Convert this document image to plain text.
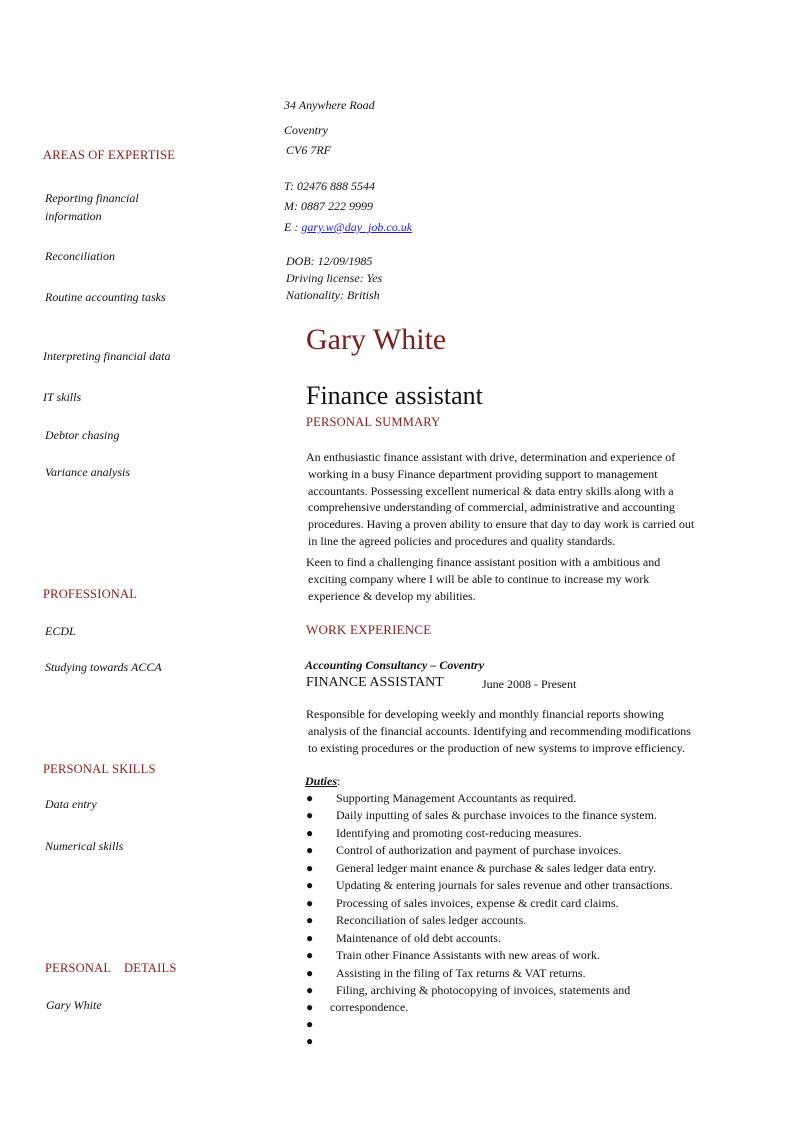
34 Anywhere Road
Coventry
CV6 7RF
T: 02476 888 5544
M: 0887 222 9999
E : gary.w@day_job.co.uk
DOB: 12/09/1985
Driving license: Yes
Nationality: British
Gary White
Finance assistant
AREAS OF EXPERTISE
Reporting financial
information
Reconciliation
Routine accounting tasks
Interpreting financial data
IT skills
Debtor chasing
Variance analysis
PROFESSIONAL
ECDL
Studying towards ACCA
PERSONAL SKILLS
Data entry
Numerical skills
PERSONAL    DETAILS
Gary White
PERSONAL SUMMARY
An enthusiastic finance assistant with drive, determination and experience of
working in a busy Finance department providing support to management
accountants. Possessing excellent numerical & data entry skills along with a
comprehensive understanding of commercial, administrative and accounting
procedures. Having a proven ability to ensure that day to day work is carried out
in line the agreed policies and procedures and quality standards.
Keen to find a challenging finance assistant position with a ambitious and
exciting company where I will be able to continue to increase my work
experience & develop my abilities.
WORK EXPERIENCE
Accounting Consultancy – Coventry
FINANCE ASSISTANT	June 2008 - Present
Responsible for developing weekly and monthly financial reports showing
analysis of the financial accounts. Identifying and recommending modifications
to existing procedures or the production of new systems to improve efficiency.
Duties:
● Supporting Management Accountants as required.
● Daily inputting of sales & purchase invoices to the finance system.
● Identifying and promoting cost-reducing measures.
● Control of authorization and payment of purchase invoices.
● General ledger maint enance & purchase & sales ledger data entry.
● Updating & entering journals for sales revenue and other transactions.
● Processing of sales invoices, expense & credit card claims.
● Reconciliation of sales ledger accounts.
● Maintenance of old debt accounts.
● Train other Finance Assistants with new areas of work.
● Assisting in the filing of Tax returns & VAT returns.
● Filing, archiving & photocopying of invoices, statements and
● correspondence.
●
●
